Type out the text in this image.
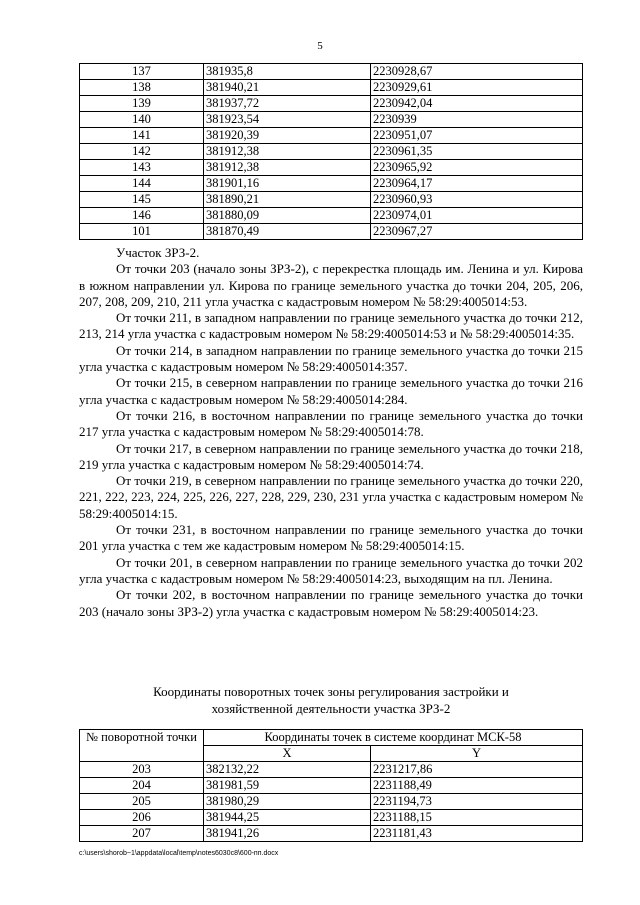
5
137	381935,8	2230928,67
138	381940,21	2230929,61
139	381937,72	2230942,04
140	381923,54	2230939
141	381920,39	2230951,07
142	381912,38	2230961,35
143	381912,38	2230965,92
144	381901,16	2230964,17
145	381890,21	2230960,93
146	381880,09	2230974,01
101	381870,49	2230967,27

Участок ЗРЗ-2.

От точки 203 (начало зоны ЗРЗ-2), с перекрестка площадь им. Ленина и ул. Кирова в южном направлении ул. Кирова по границе земельного участка до точки 204, 205, 206, 207, 208, 209, 210, 211 угла участка с кадастровым номером № 58:29:4005014:53.

От точки 211, в западном направлении по границе земельного участка до точки 212, 213, 214 угла участка с кадастровым номером № 58:29:4005014:53 и № 58:29:4005014:35.

От точки 214, в западном направлении по границе земельного участка до точки 215 угла участка с кадастровым номером № 58:29:4005014:357.

От точки 215, в северном направлении по границе земельного участка до точки 216 угла участка с кадастровым номером № 58:29:4005014:284.

От точки 216, в восточном направлении по границе земельного участка до точки 217 угла участка с кадастровым номером № 58:29:4005014:78.

От точки 217, в северном направлении по границе земельного участка до точки 218, 219 угла участка с кадастровым номером № 58:29:4005014:74.

От точки 219, в северном направлении по границе земельного участка до точки 220, 221, 222, 223, 224, 225, 226, 227, 228, 229, 230, 231 угла участка с кадастровым номером № 58:29:4005014:15.

От точки 231, в восточном направлении по границе земельного участка до точки 201 угла участка с тем же кадастровым номером № 58:29:4005014:15.

От точки 201, в северном направлении по границе земельного участка до точки 202 угла участка с кадастровым номером № 58:29:4005014:23, выходящим на пл. Ленина.

От точки 202, в восточном направлении по границе земельного участка до точки 203 (начало зоны ЗРЗ-2) угла участка с кадастровым номером № 58:29:4005014:23.

Координаты поворотных точек зоны регулирования застройки и
хозяйственной деятельности участка ЗРЗ-2
№ поворотной точки	Координаты точек в системе координат МСК-58	
	X	Y
203	382132,22	2231217,86
204	381981,59	2231188,49
205	381980,29	2231194,73
206	381944,25	2231188,15
207	381941,26	2231181,43
c:\users\shorob~1\appdata\local\temp\notes6030c8\600-пп.docx
